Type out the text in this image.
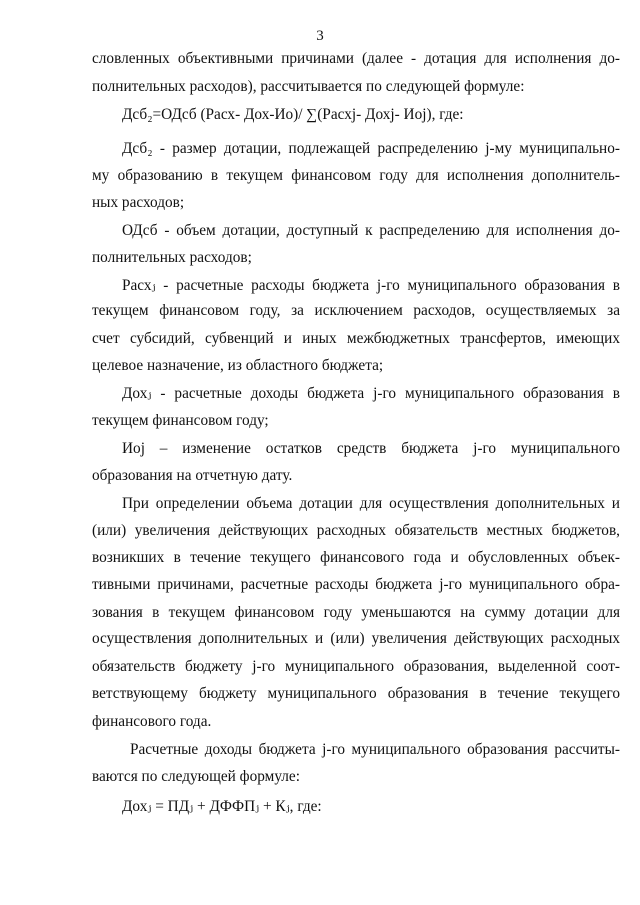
3
словленных объективными причинами (далее - дотация для исполнения до-
полнительных расходов), рассчитывается по следующей формуле:
Дсб₂=ОДсб (Расх- Дох-Ио)/ ∑(Расхj- Дохj- Иоj), где:
Дсб₂ - размер дотации, подлежащей распределению j-му муниципально-
му образованию в текущем финансовом году для исполнения дополнитель-
ных расходов;
ОДсб - объем дотации, доступный к распределению для исполнения до-
полнительных расходов;
Расхⱼ - расчетные расходы бюджета j-го муниципального образования в
текущем финансовом году, за исключением расходов, осуществляемых за
счет субсидий, субвенций и иных межбюджетных трансфертов, имеющих
целевое назначение, из областного бюджета;
Дохⱼ - расчетные доходы бюджета j-го муниципального образования в
текущем финансовом году;
Иоj – изменение остатков средств бюджета j-го муниципального
образования на отчетную дату.
При определении объема дотации для осуществления дополнительных и
(или) увеличения действующих расходных обязательств местных бюджетов,
возникших в течение текущего финансового года и обусловленных объек-
тивными причинами, расчетные расходы бюджета j-го муниципального обра-
зования в текущем финансовом году уменьшаются на сумму дотации для
осуществления дополнительных и (или) увеличения действующих расходных
обязательств бюджету j-го муниципального образования, выделенной соот-
ветствующему бюджету муниципального образования в течение текущего
финансового года.
Расчетные доходы бюджета j-го муниципального образования рассчиты-
ваются по следующей формуле:
Дохⱼ = ПДⱼ + ДФФПⱼ + Кⱼ, где:
